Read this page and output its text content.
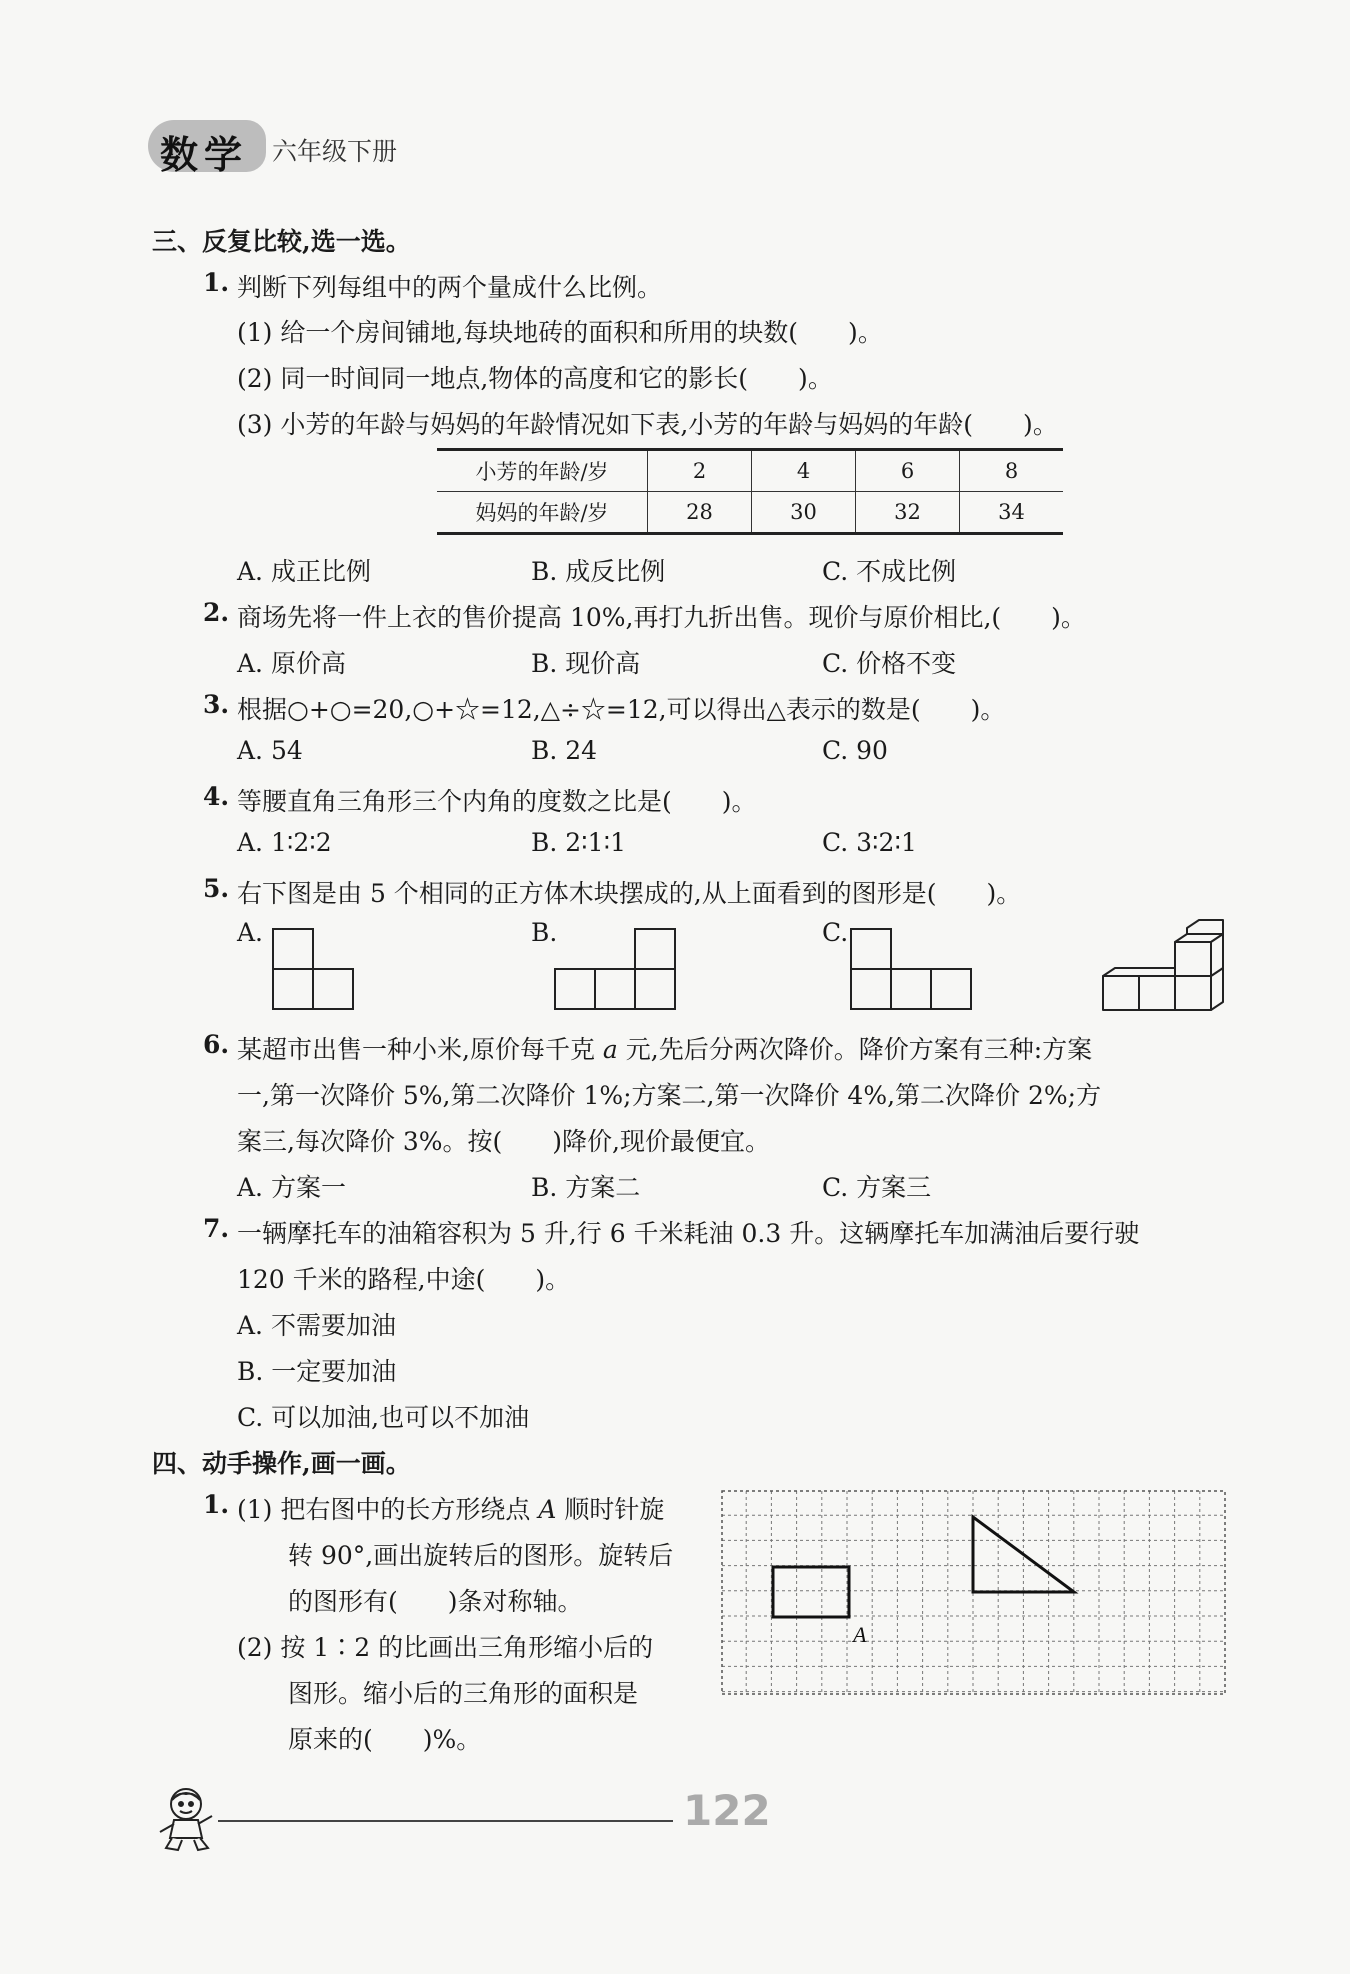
数学 六年级下册
三、反复比较,选一选。
1. 判断下列每组中的两个量成什么比例。
(1) 给一个房间铺地,每块地砖的面积和所用的块数(　　)。
(2) 同一时间同一地点,物体的高度和它的影长(　　)。
(3) 小芳的年龄与妈妈的年龄情况如下表,小芳的年龄与妈妈的年龄(　　)。
小芳的年龄/岁	2	4	6	8
妈妈的年龄/岁	28	30	32	34
A. 成正比例	B. 成反比例	C. 不成比例
2. 商场先将一件上衣的售价提高 10%,再打九折出售。现价与原价相比,(　　)。
A. 原价高	B. 现价高	C. 价格不变
3. 根据○+○=20,○+☆=12,△÷☆=12,可以得出△表示的数是(　　)。
A. 54	B. 24	C. 90
4. 等腰直角三角形三个内角的度数之比是(　　)。
A. 1∶2∶2	B. 2∶1∶1	C. 3∶2∶1
5. 右下图是由 5 个相同的正方体木块摆成的,从上面看到的图形是(　　)。
A.	B.	C.
6. 某超市出售一种小米,原价每千克 a 元,先后分两次降价。降价方案有三种:方案
一,第一次降价 5%,第二次降价 1%;方案二,第一次降价 4%,第二次降价 2%;方
案三,每次降价 3%。按(　　)降价,现价最便宜。
A. 方案一	B. 方案二	C. 方案三
7. 一辆摩托车的油箱容积为 5 升,行 6 千米耗油 0.3 升。这辆摩托车加满油后要行驶
120 千米的路程,中途(　　)。
A. 不需要加油
B. 一定要加油
C. 可以加油,也可以不加油
四、动手操作,画一画。
1. (1) 把右图中的长方形绕点 A 顺时针旋
转 90°,画出旋转后的图形。旋转后
的图形有(　　)条对称轴。
(2) 按 1∶2 的比画出三角形缩小后的
图形。缩小后的三角形的面积是
原来的(　　)%。
A
122
